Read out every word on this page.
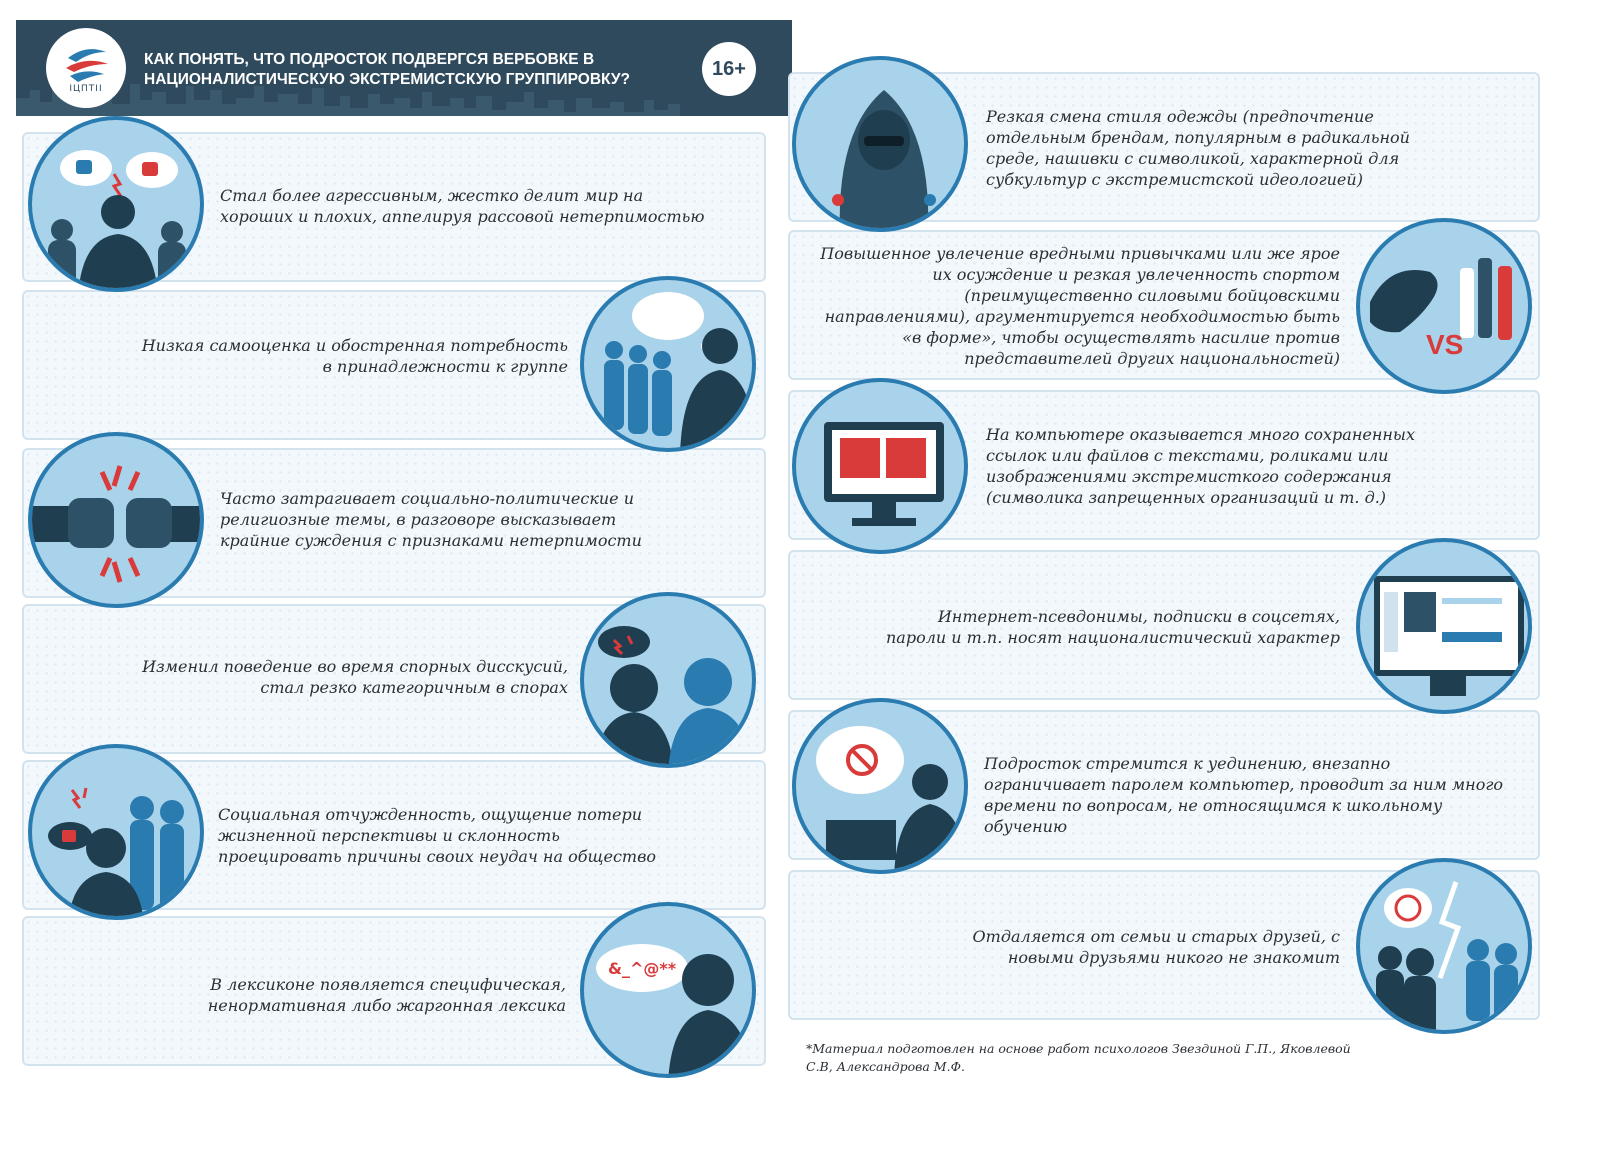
ІЦПТІІ
КАК ПОНЯТЬ, ЧТО ПОДРОСТОК ПОДВЕРГСЯ ВЕРБОВКЕ В НАЦИОНАЛИСТИЧЕСКУЮ ЭКСТРЕМИСТСКУЮ ГРУППИРОВКУ?	16+
&_^@**
VS
Стал более агрессивным, жестко делит мир на хороших и плохих, аппелируя рассовой нетерпимостью
Низкая самооценка и обостренная потребность в принадлежности к группе
Часто затрагивает социально-политические и религиозные темы, в разговоре высказывает крайние суждения с признаками нетерпимости
Изменил поведение во время спорных дисскусий, стал резко категоричным в спорах
Социальная отчужденность, ощущение потери жизненной перспективы и склонность проецировать причины своих неудач на общество
В лексиконе появляется специфическая, ненормативная либо жаргонная лексика
Резкая смена стиля одежды (предпочтение отдельным брендам, популярным в радикальной среде, нашивки с символикой, характерной для субкультур с экстремистской идеологией)
Повышенное увлечение вредными привычками или же ярое их осуждение и резкая увлеченность спортом (преимущественно силовыми бойцовскими направлениями), аргументируется необходимостью быть «в форме», чтобы осуществлять насилие против представителей других национальностей)
На компьютере оказывается много сохраненных ссылок или файлов с текстами, роликами или изображениями экстремисткого содержания (символика запрещенных организаций и т. д.)
Интернет-псевдонимы, подписки в соцсетях, пароли и т.п. носят националистический характер
Подросток стремится к уединению, внезапно ограничивает паролем компьютер, проводит за ним много времени по вопросам, не относящимся к школьному обучению
Отдаляется от семьи и старых друзей, с новыми друзьями никого не знакомит
*Материал подготовлен на основе работ психологов Звездиной Г.П., Яковлевой С.В, Александрова М.Ф.
